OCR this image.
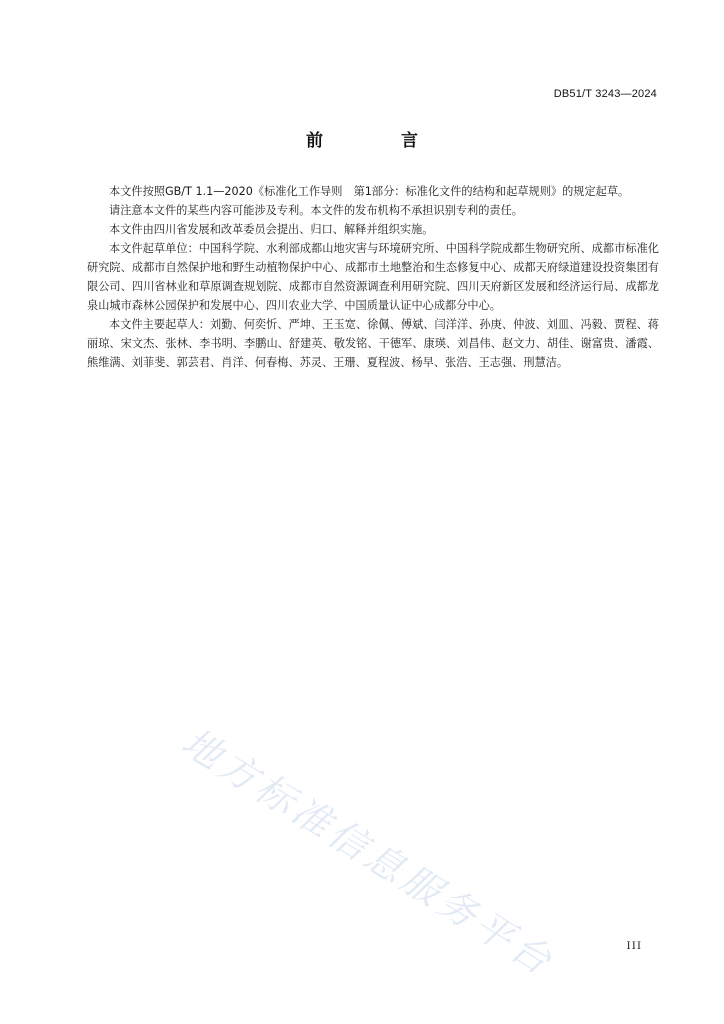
DB51/T 3243—2024
前 言

本文件按照GB/T 1.1—2020《标准化工作导则　第1部分：标准化文件的结构和起草规则》的规定起草。

请注意本文件的某些内容可能涉及专利。本文件的发布机构不承担识别专利的责任。

本文件由四川省发展和改革委员会提出、归口、解释并组织实施。

本文件起草单位：中国科学院、水利部成都山地灾害与环境研究所、中国科学院成都生物研究所、成都市标准化研究院、成都市自然保护地和野生动植物保护中心、成都市土地整治和生态修复中心、成都天府绿道建设投资集团有限公司、四川省林业和草原调查规划院、成都市自然资源调查利用研究院、四川天府新区发展和经济运行局、成都龙泉山城市森林公园保护和发展中心、四川农业大学、中国质量认证中心成都分中心。

本文件主要起草人：刘勤、何奕忻、严坤、王玉宽、徐佩、傅斌、闫洋洋、孙庚、仲波、刘皿、冯毅、贾程、蒋丽琼、宋文杰、张林、李书明、李鹏山、舒建英、敬发铭、干德军、康瑛、刘昌伟、赵文力、胡佳、谢富贵、潘霞、熊维满、刘菲斐、郭芸君、肖洋、何春梅、苏灵、王珊、夏程波、杨早、张浩、王志强、刑慧洁。

地方标准信息服务平台	III
